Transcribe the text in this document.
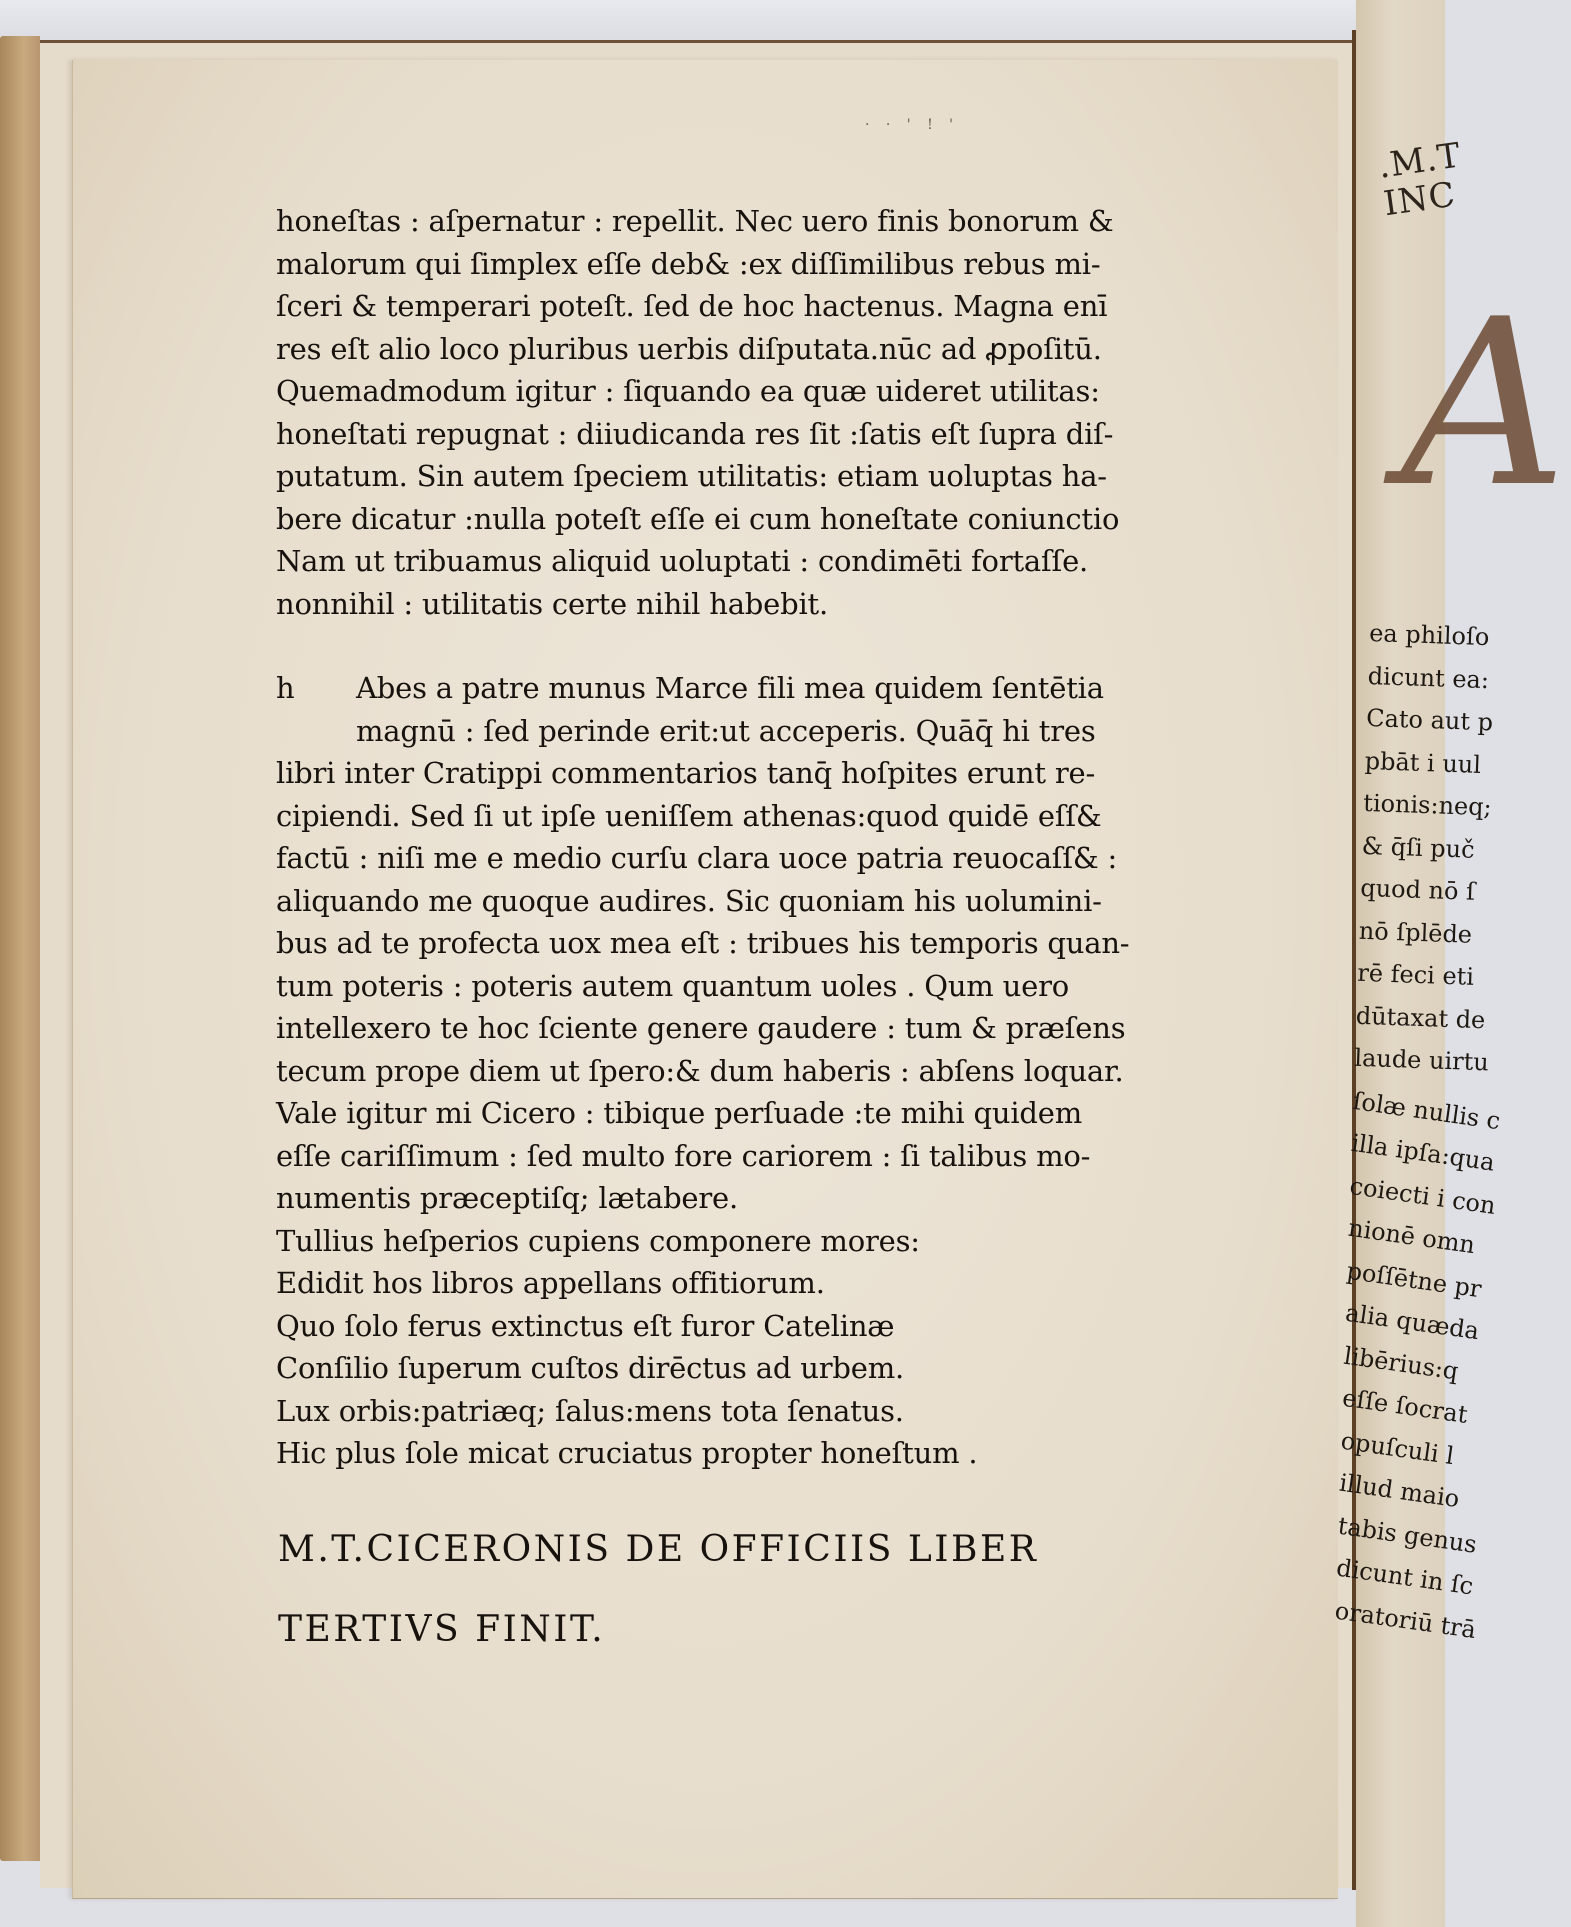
.M.T
INC
A
ea philoſo
dicunt ea:
Cato aut p
pbāt i uul
tionis:neq;
& q̄ſi puč
quod nō ſ
nō ſplēde
rē feci eti
dūtaxat de
laude uirtu
ſolæ nullis c
illa ipſa:qua
coiecti i con
nionē omn
poſſētne pr
alia quæda
libērius:q
eſſe ſocrat
opuſculi l
illud maio
tabis genus
dicunt in ſc
oratoriū trā
· · ' ! '
honeſtas : aſpernatur : repellit. Nec uero finis bonorum &
malorum qui ſimplex eſſe deb& :ex diſſimilibus rebus mi-
ſceri & temperari poteſt. ſed de hoc hactenus. Magna enī
res eſt alio loco pluribus uerbis diſputata.nūc ad ꝓpoſitū.
Quemadmodum igitur : ſiquando ea quæ uideret utilitas:
honeſtati repugnat : diiudicanda res ſit :ſatis eſt ſupra diſ-
putatum. Sin autem ſpeciem utilitatis: etiam uoluptas ha-
bere dicatur :nulla poteſt eſſe ei cum honeſtate coniunctio
Nam ut tribuamus aliquid uoluptati : condimēti fortaſſe.
nonnihil : utilitatis certe nihil habebit.
h Abes a patre munus Marce fili mea quidem ſentētia
magnū : ſed perinde erit:ut acceperis. Quāq̄ hi tres
libri inter Cratippi commentarios tanq̄ hoſpites erunt re-
cipiendi. Sed ſi ut ipſe ueniſſem athenas:quod quidē eſſ&
factū : niſi me e medio curſu clara uoce patria reuocaſſ& :
aliquando me quoque audires. Sic quoniam his uolumini-
bus ad te profecta uox mea eſt : tribues his temporis quan-
tum poteris : poteris autem quantum uoles . Qum uero
intellexero te hoc ſciente genere gaudere : tum & præſens
tecum prope diem ut ſpero:& dum haberis : abſens loquar.
Vale igitur mi Cicero : tibique perſuade :te mihi quidem
eſſe cariſſimum : ſed multo fore cariorem : ſi talibus mo-
numentis præceptiſq; lætabere.
Tullius heſperios cupiens componere mores:
Edidit hos libros appellans offitiorum.
Quo ſolo ferus extinctus eſt furor Catelinæ
Conſilio ſuperum cuſtos dirēctus ad urbem.
Lux orbis:patriæq; ſalus:mens tota ſenatus.
Hic plus ſole micat cruciatus propter honeſtum .
M.T.CICERONIS DE OFFICIIS LIBER
TERTIVS FINIT.
